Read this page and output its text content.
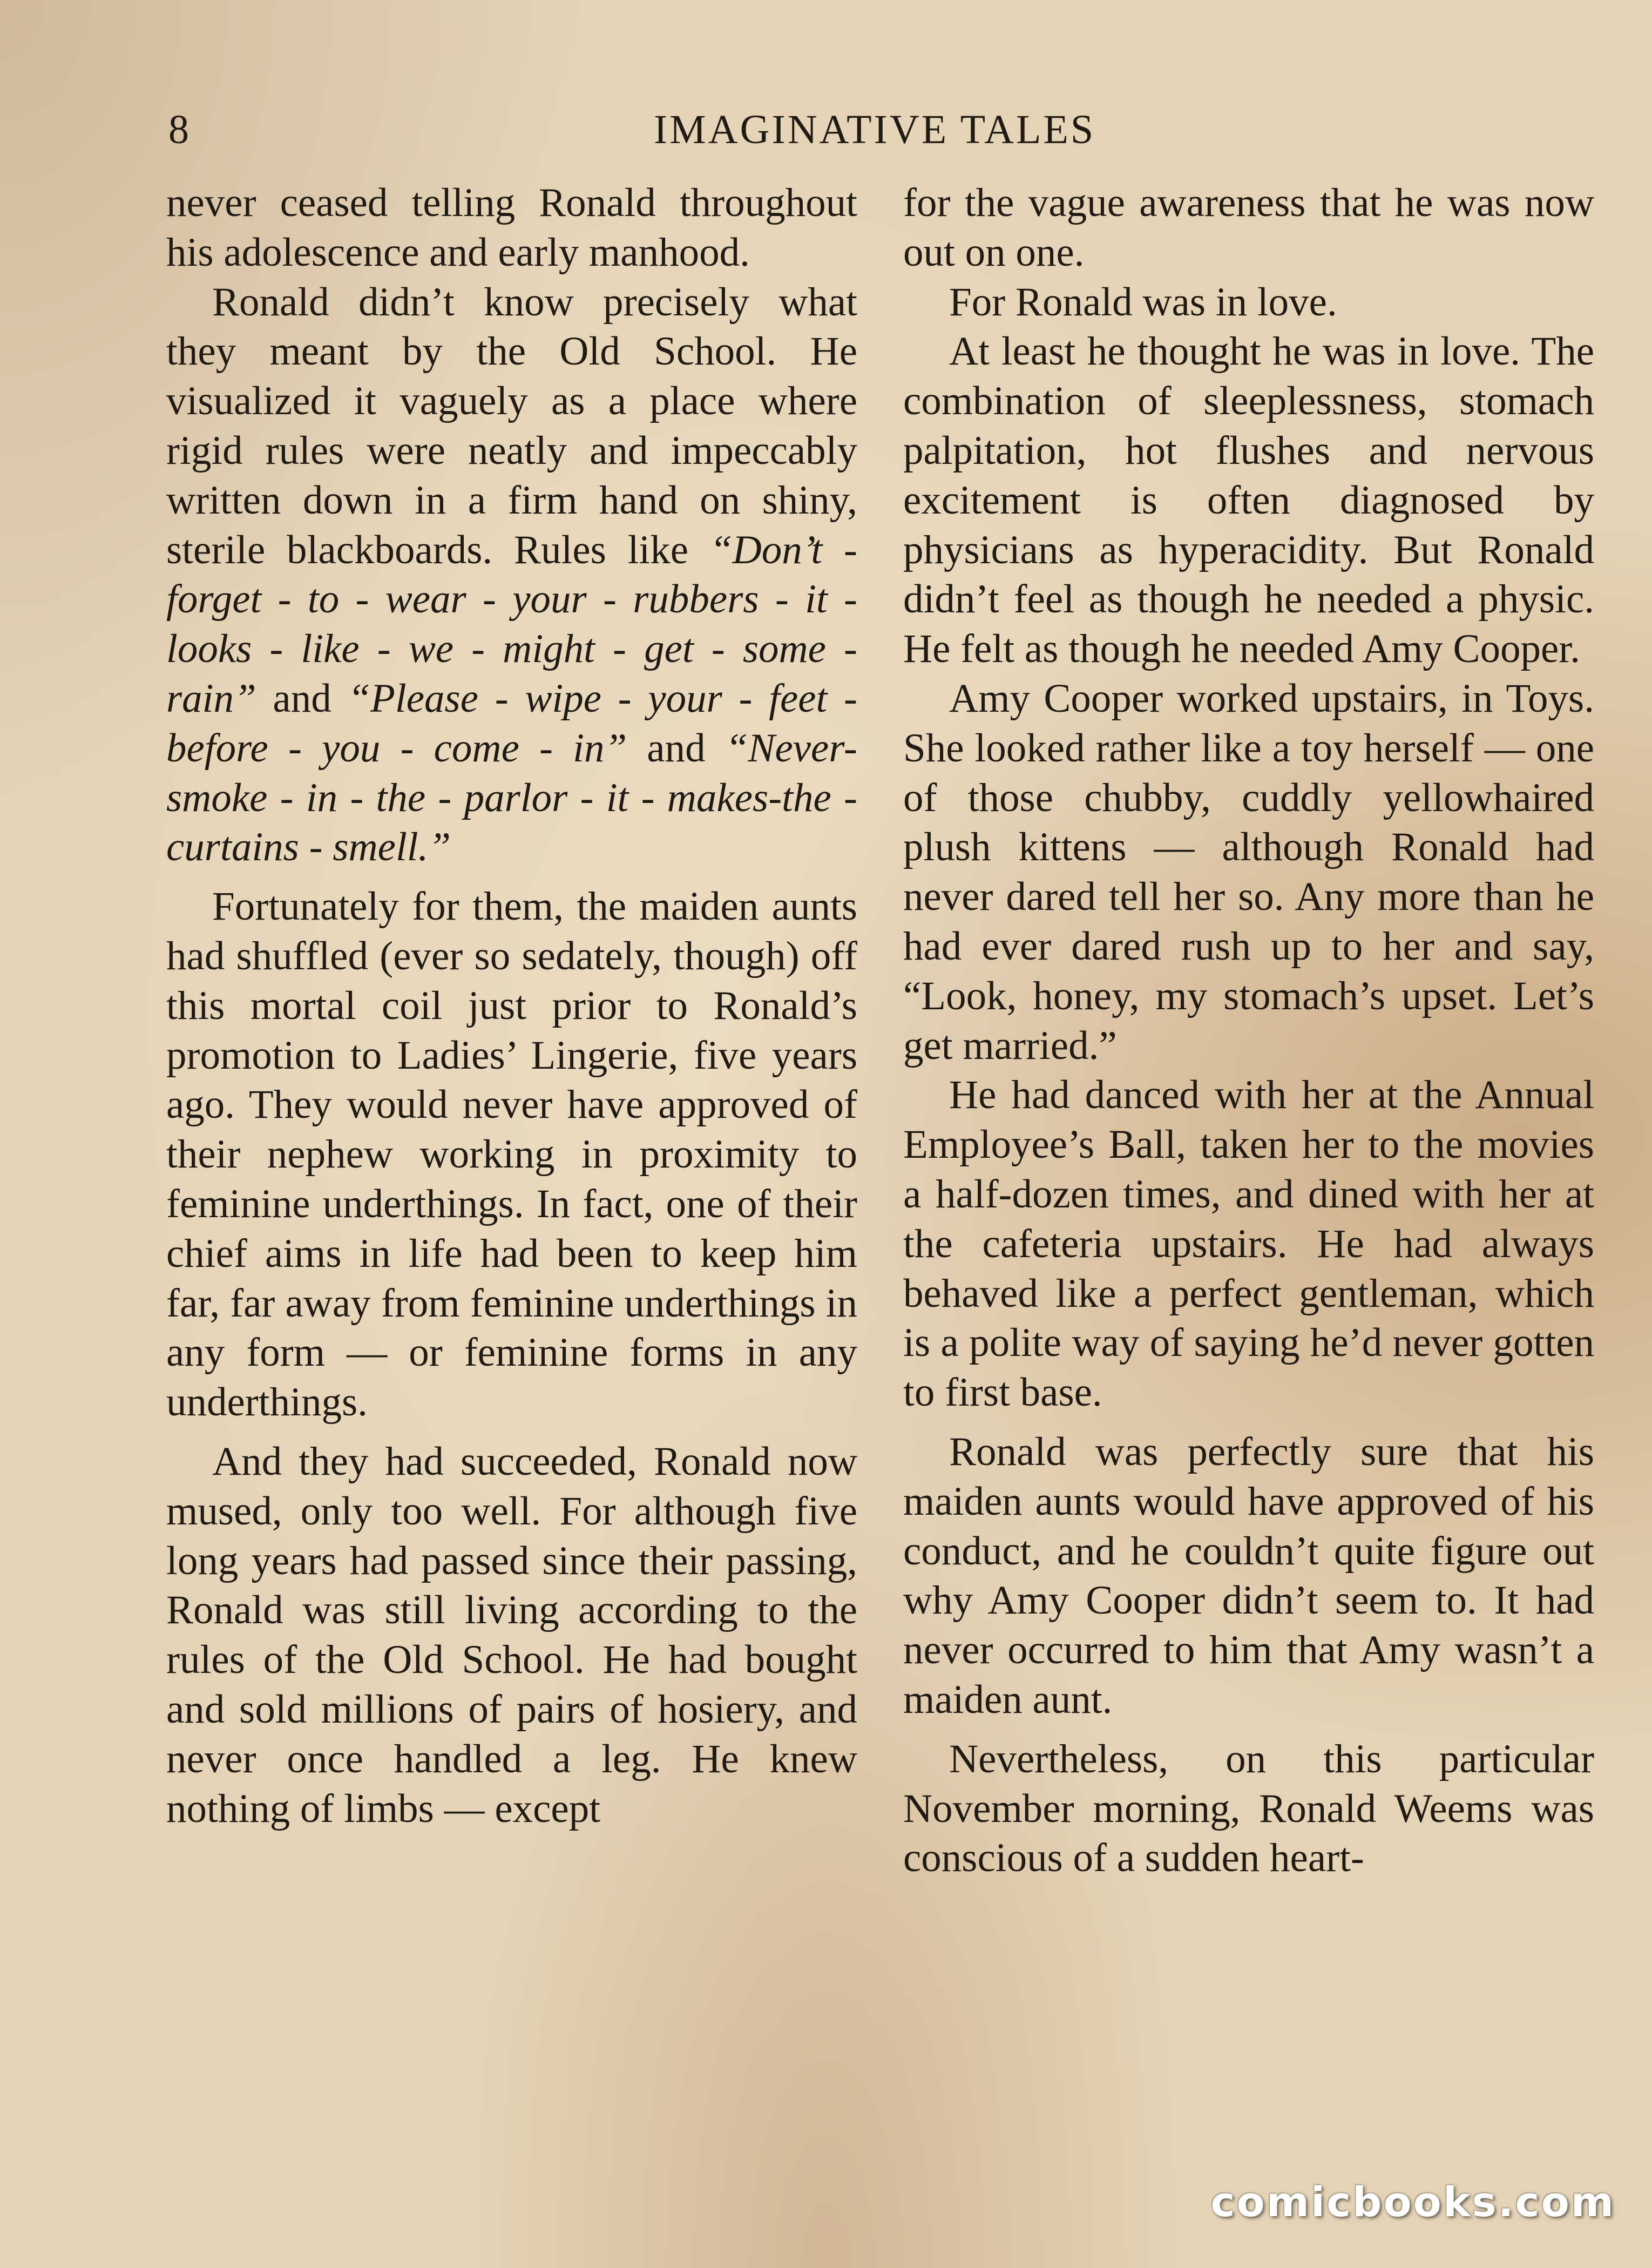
8	IMAGINATIVE TALES

never ceased telling Ronald throughout his adolescence and early manhood.

Ronald didn’t know precisely what they meant by the Old School. He visualized it vaguely as a place where rigid rules were neatly and impeccably written down in a firm hand on shiny, sterile blackboards. Rules like “Don’t - forget - to - wear - your - rubbers - it - looks - like - we - might - get - some - rain” and “Please - wipe - your - feet - before - you - come - in” and “Never-smoke - in - the - parlor - it - makes-the - curtains - smell.”

Fortunately for them, the maiden aunts had shuffled (ever so sedately, though) off this mortal coil just prior to Ronald’s promotion to Ladies’ Lingerie, five years ago. They would never have approved of their nephew working in proximity to feminine underthings. In fact, one of their chief aims in life had been to keep him far, far away from feminine underthings in any form — or feminine forms in any underthings.

And they had succeeded, Ronald now mused, only too well. For although five long years had passed since their passing, Ronald was still living according to the rules of the Old School. He had bought and sold millions of pairs of hosiery, and never once handled a leg. He knew nothing of limbs — except

for the vague awareness that he was now out on one.

For Ronald was in love.

At least he thought he was in love. The combination of sleeplessness, stomach palpitation, hot flushes and nervous excitement is often diagnosed by physicians as hyperacidity. But Ronald didn’t feel as though he needed a physic. He felt as though he needed Amy Cooper.

Amy Cooper worked upstairs, in Toys. She looked rather like a toy herself — one of those chubby, cuddly yellowhaired plush kittens — although Ronald had never dared tell her so. Any more than he had ever dared rush up to her and say, “Look, honey, my stomach’s upset. Let’s get married.”

He had danced with her at the Annual Employee’s Ball, taken her to the movies a half-dozen times, and dined with her at the cafeteria upstairs. He had always behaved like a perfect gentleman, which is a polite way of saying he’d never gotten to first base.

Ronald was perfectly sure that his maiden aunts would have approved of his conduct, and he couldn’t quite figure out why Amy Cooper didn’t seem to. It had never occurred to him that Amy wasn’t a maiden aunt.

Nevertheless, on this particular November morning, Ronald Weems was conscious of a sudden heart-

comicbooks.com
